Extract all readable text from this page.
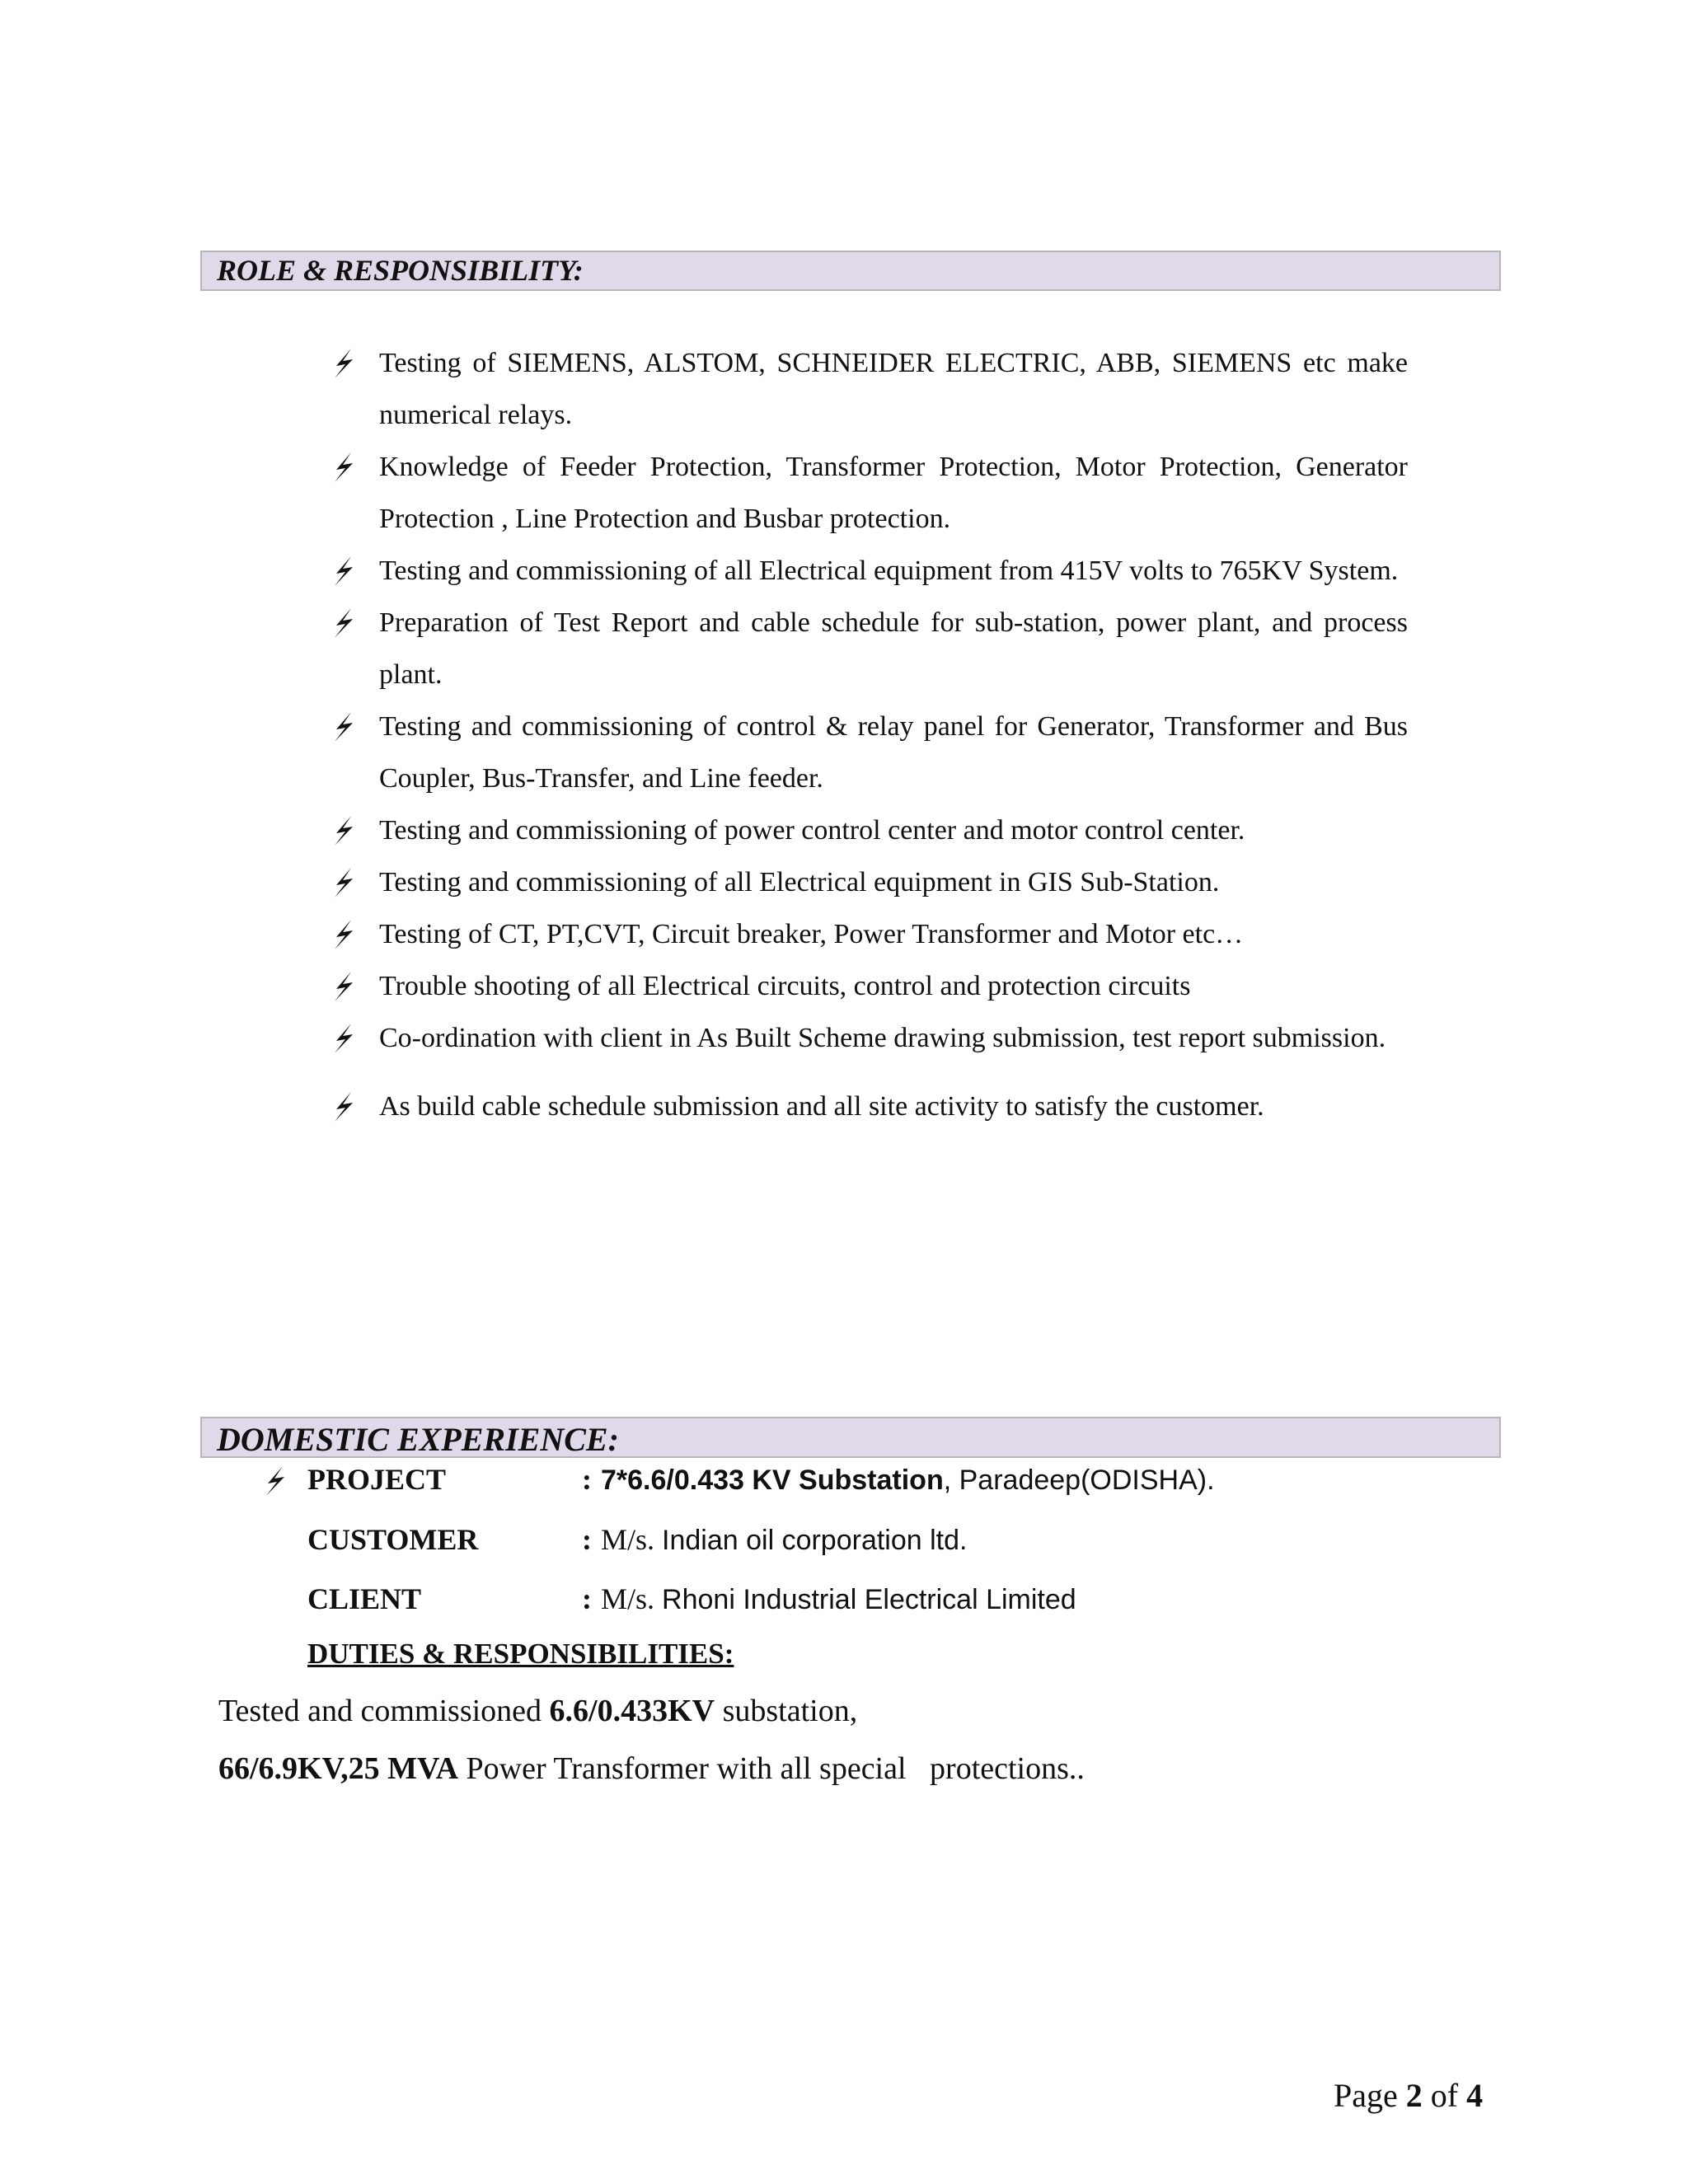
ROLE & RESPONSIBILITY:
Testing of SIEMENS, ALSTOM, SCHNEIDER ELECTRIC, ABB, SIEMENS etc make numerical relays.
Knowledge of Feeder Protection, Transformer Protection, Motor Protection, Generator Protection , Line Protection and Busbar protection.
Testing and commissioning of all Electrical equipment from 415V volts to 765KV System.
Preparation of Test Report and cable schedule for sub-station, power plant, and process plant.
Testing and commissioning of control & relay panel for Generator, Transformer and Bus Coupler, Bus-Transfer, and Line feeder.
Testing and commissioning of power control center and motor control center.
Testing and commissioning of all Electrical equipment in GIS Sub-Station.
Testing of CT, PT,CVT, Circuit breaker, Power Transformer and Motor etc…
Trouble shooting of all Electrical circuits, control and protection circuits
Co-ordination with client in As Built Scheme drawing submission, test report submission.
As build cable schedule submission and all site activity to satisfy the customer.
DOMESTIC EXPERIENCE:
PROJECT	: 7*6.6/0.433 KV Substation, Paradeep(ODISHA).
CUSTOMER	: M/s. Indian oil corporation ltd.
CLIENT	: M/s. Rhoni Industrial Electrical Limited
DUTIES & RESPONSIBILITIES:
Tested and commissioned 6.6/0.433KV substation,
66/6.9KV,25 MVA Power Transformer with all special   protections..
Page 2 of 4
